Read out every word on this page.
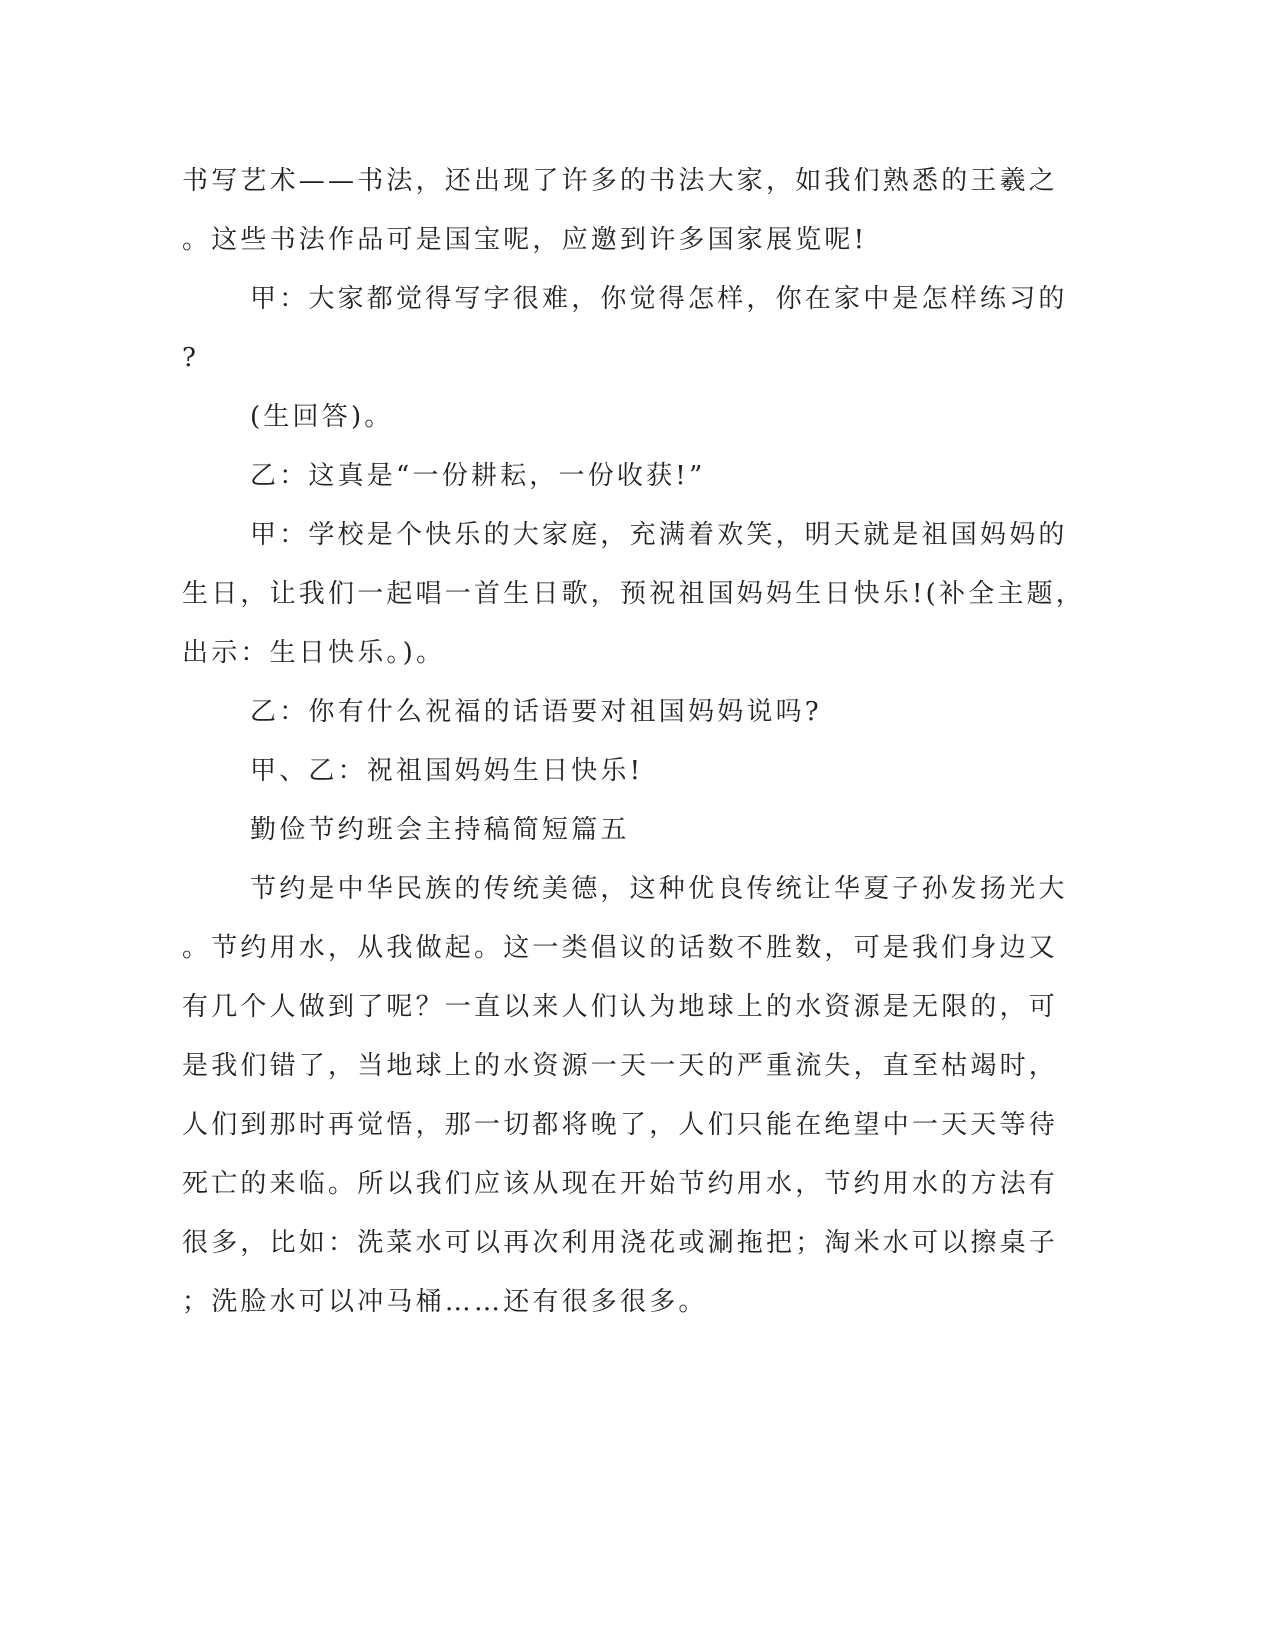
书写艺术——书法，还出现了许多的书法大家，如我们熟悉的王羲之
。这些书法作品可是国宝呢，应邀到许多国家展览呢!
甲：大家都觉得写字很难，你觉得怎样，你在家中是怎样练习的
?
(生回答)。
乙：这真是“一份耕耘，一份收获!”
甲：学校是个快乐的大家庭，充满着欢笑，明天就是祖国妈妈的
生日，让我们一起唱一首生日歌，预祝祖国妈妈生日快乐!(补全主题，
出示：生日快乐。)。
乙：你有什么祝福的话语要对祖国妈妈说吗?
甲、乙：祝祖国妈妈生日快乐!
勤俭节约班会主持稿简短篇五
节约是中华民族的传统美德，这种优良传统让华夏子孙发扬光大
。节约用水，从我做起。这一类倡议的话数不胜数，可是我们身边又
有几个人做到了呢？一直以来人们认为地球上的水资源是无限的，可
是我们错了，当地球上的水资源一天一天的严重流失，直至枯竭时，
人们到那时再觉悟，那一切都将晚了，人们只能在绝望中一天天等待
死亡的来临。所以我们应该从现在开始节约用水，节约用水的方法有
很多，比如：洗菜水可以再次利用浇花或涮拖把；淘米水可以擦桌子
；洗脸水可以冲马桶……还有很多很多。
